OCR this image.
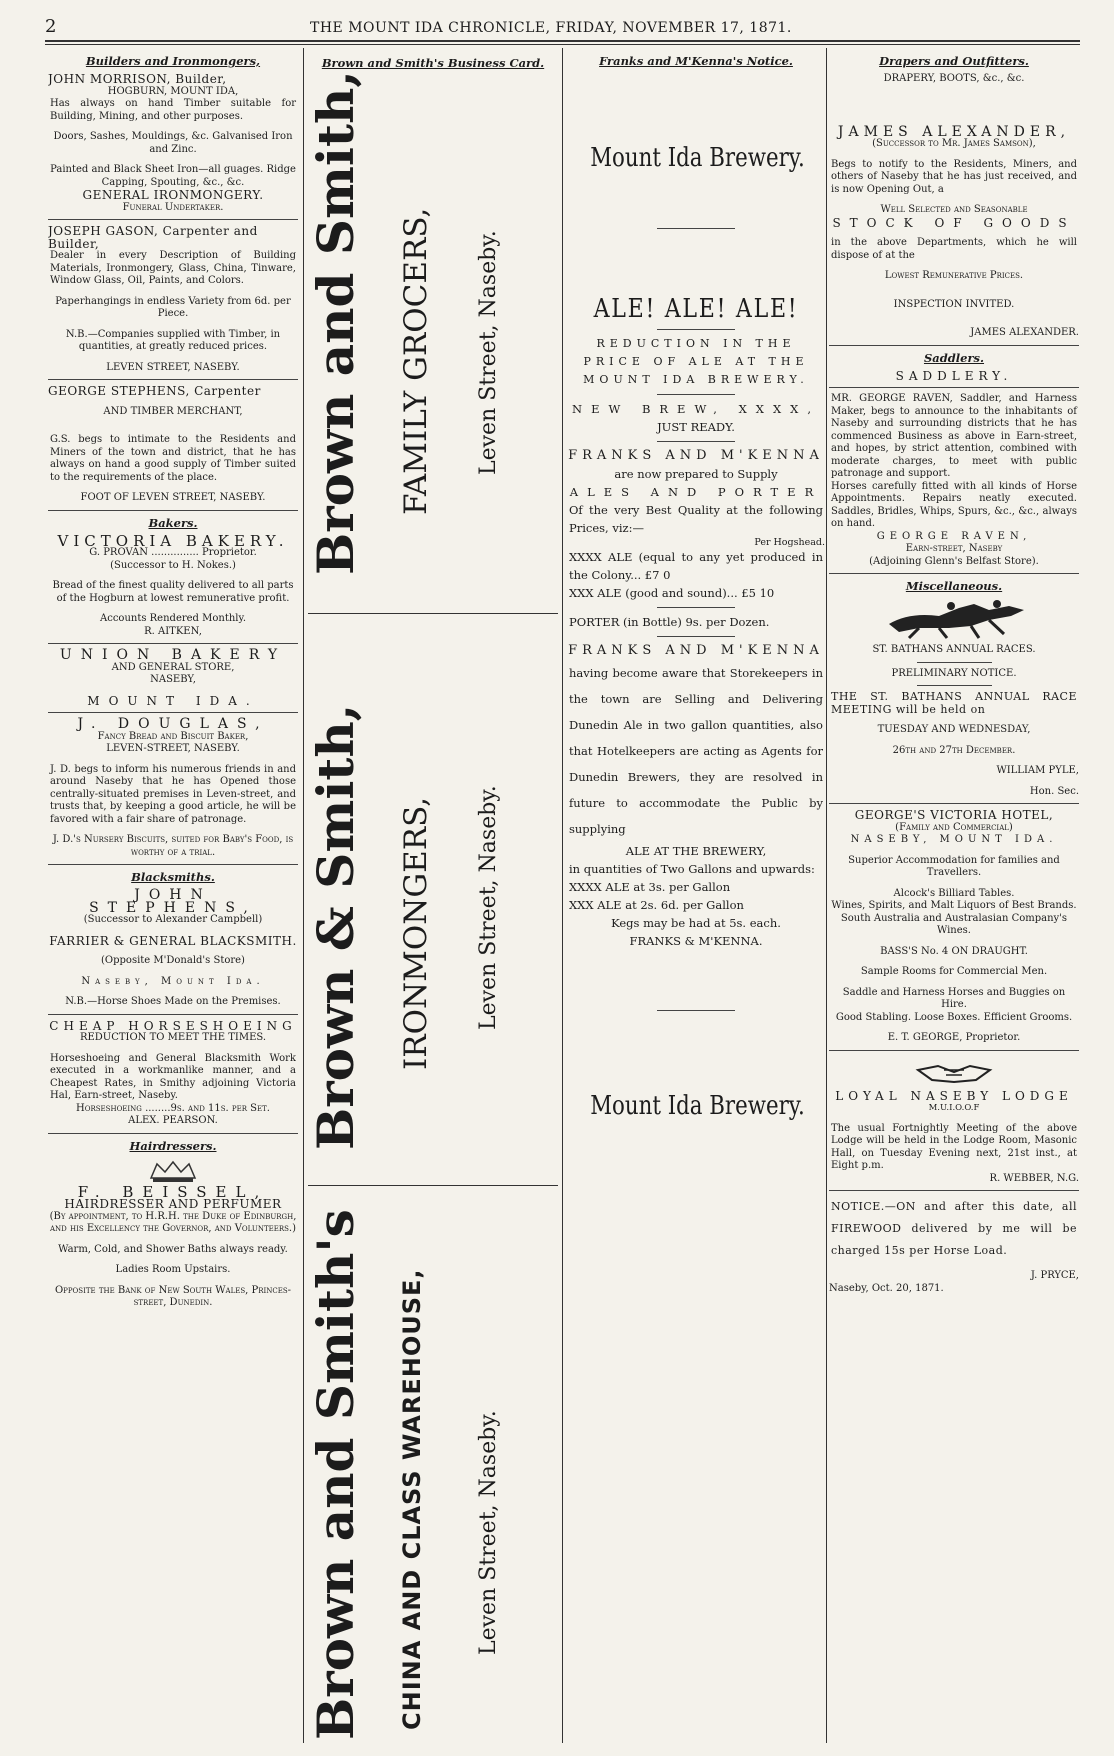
2	THE MOUNT IDA CHRONICLE, FRIDAY, NOVEMBER 17, 1871.
Builders and Ironmongers,
JOHN MORRISON, Builder,
HOGBURN, MOUNT IDA,
Has always on hand Timber suitable for Building, Mining, and other purposes.
Doors, Sashes, Mouldings, &c. Galvanised Iron and Zinc.
Painted and Black Sheet Iron—all guages. Ridge Capping, Spouting, &c., &c.
GENERAL IRONMONGERY.
Funeral Undertaker.
JOSEPH GASON, Carpenter and Builder,
Dealer in every Description of Building Materials, Ironmongery, Glass, China, Tinware, Window Glass, Oil, Paints, and Colors.
Paperhangings in endless Variety from 6d. per Piece.
N.B.—Companies supplied with Timber, in quantities, at greatly reduced prices.
LEVEN STREET, NASEBY.
GEORGE STEPHENS, Carpenter
AND TIMBER MERCHANT,
G.S. begs to intimate to the Residents and Miners of the town and district, that he has always on hand a good supply of Timber suited to the requirements of the place.
FOOT OF LEVEN STREET, NASEBY.
Bakers.
VICTORIA BAKERY.
G. PROVAN ............... Proprietor.
(Successor to H. Nokes.)
Bread of the finest quality delivered to all parts of the Hogburn at lowest remunerative profit.
Accounts Rendered Monthly.
R. AITKEN,
UNION BAKERY
AND GENERAL STORE,
NASEBY,
MOUNT IDA.
J. DOUGLAS,
Fancy Bread and Biscuit Baker,
LEVEN-STREET, NASEBY.
J. D. begs to inform his numerous friends in and around Naseby that he has Opened those centrally-situated premises in Leven-street, and trusts that, by keeping a good article, he will be favored with a fair share of patronage.
J. D.'s Nursery Biscuits, suited for Baby's Food, is worthy of a trial.
Blacksmiths.
JOHN STEPHENS,
(Successor to Alexander Campbell)
FARRIER & GENERAL BLACKSMITH.
(Opposite M'Donald's Store)
Naseby, Mount Ida.
N.B.—Horse Shoes Made on the Premises.
CHEAP HORSESHOEING
REDUCTION TO MEET THE TIMES.
Horseshoeing and General Blacksmith Work executed in a workmanlike manner, and a Cheapest Rates, in Smithy adjoining Victoria Hal, Earn-street, Naseby.
Horseshoeing ........9s. and 11s. per Set.
ALEX. PEARSON.
Hairdressers.
F. BEISSEL,
HAIRDRESSER AND PERFUMER
(By appointment, to H.R.H. the Duke of Edinburgh, and his Excellency the Governor, and Volunteers.)
Warm, Cold, and Shower Baths always ready.
Ladies Room Upstairs.
Opposite the Bank of New South Wales, Princes-street, Dunedin.
Brown and Smith's Business Card.
Brown and Smith, FAMILY GROCERS, Leven Street, Naseby.
Brown & Smith, IRONMONGERS, Leven Street, Naseby.
Brown and Smith's CHINA AND CLASS WAREHOUSE, Leven Street, Naseby.
Franks and M'Kenna's Notice.
Mount Ida Brewery.
ALE! ALE! ALE!
REDUCTION IN THE PRICE OF ALE AT THE MOUNT IDA BREWERY.
NEW BREW, XXXX,
JUST READY.
FRANKS AND M'KENNA
are now prepared to Supply
ALES AND PORTER
Of the very Best Quality at the following Prices, viz:—
Per Hogshead.
XXXX ALE (equal to any yet produced in the Colony... £7 0
XXX ALE (good and sound)... £5 10
PORTER (in Bottle) 9s. per Dozen.
FRANKS AND M'KENNA
having become aware that Storekeepers in the town are Selling and Delivering Dunedin Ale in two gallon quantities, also that Hotelkeepers are acting as Agents for Dunedin Brewers, they are resolved in future to accommodate the Public by supplying
ALE AT THE BREWERY,
in quantities of Two Gallons and upwards:
XXXX ALE at 3s. per Gallon
XXX ALE at 2s. 6d. per Gallon
Kegs may be had at 5s. each.
FRANKS & M'KENNA.
Mount Ida Brewery.
Drapers and Outfitters.
DRAPERY, BOOTS, &c., &c.
JAMES ALEXANDER,
(Successor to Mr. James Samson),
Begs to notify to the Residents, Miners, and others of Naseby that he has just received, and is now Opening Out, a
Well Selected and Seasonable
STOCK OF GOODS
in the above Departments, which he will dispose of at the
Lowest Remunerative Prices.
INSPECTION INVITED.
JAMES ALEXANDER.
Saddlers.
SADDLERY.
MR. GEORGE RAVEN, Saddler, and Harness Maker, begs to announce to the inhabitants of Naseby and surrounding districts that he has commenced Business as above in Earn-street, and hopes, by strict attention, combined with moderate charges, to meet with public patronage and support.
Horses carefully fitted with all kinds of Horse Appointments. Repairs neatly executed. Saddles, Bridles, Whips, Spurs, &c., &c., always on hand.
GEORGE RAVEN,
Earn-street, Naseby
(Adjoining Glenn's Belfast Store).
Miscellaneous.
ST. BATHANS ANNUAL RACES.
PRELIMINARY NOTICE.
THE ST. BATHANS ANNUAL RACE MEETING will be held on
TUESDAY AND WEDNESDAY,
26th and 27th December.
WILLIAM PYLE,
Hon. Sec.
GEORGE'S VICTORIA HOTEL,
(Family and Commercial)
NASEBY, MOUNT IDA.
Superior Accommodation for families and Travellers.
Alcock's Billiard Tables.
Wines, Spirits, and Malt Liquors of Best Brands.
South Australia and Australasian Company's Wines.
BASS'S No. 4 ON DRAUGHT.
Sample Rooms for Commercial Men.
Saddle and Harness Horses and Buggies on Hire.
Good Stabling. Loose Boxes. Efficient Grooms.
E. T. GEORGE, Proprietor.
LOYAL NASEBY LODGE
M.U.I.O.O.F
The usual Fortnightly Meeting of the above Lodge will be held in the Lodge Room, Masonic Hall, on Tuesday Evening next, 21st inst., at Eight p.m.
R. WEBBER, N.G.
NOTICE.—ON and after this date, all FIREWOOD delivered by me will be charged 15s per Horse Load.
J. PRYCE,
Naseby, Oct. 20, 1871.
